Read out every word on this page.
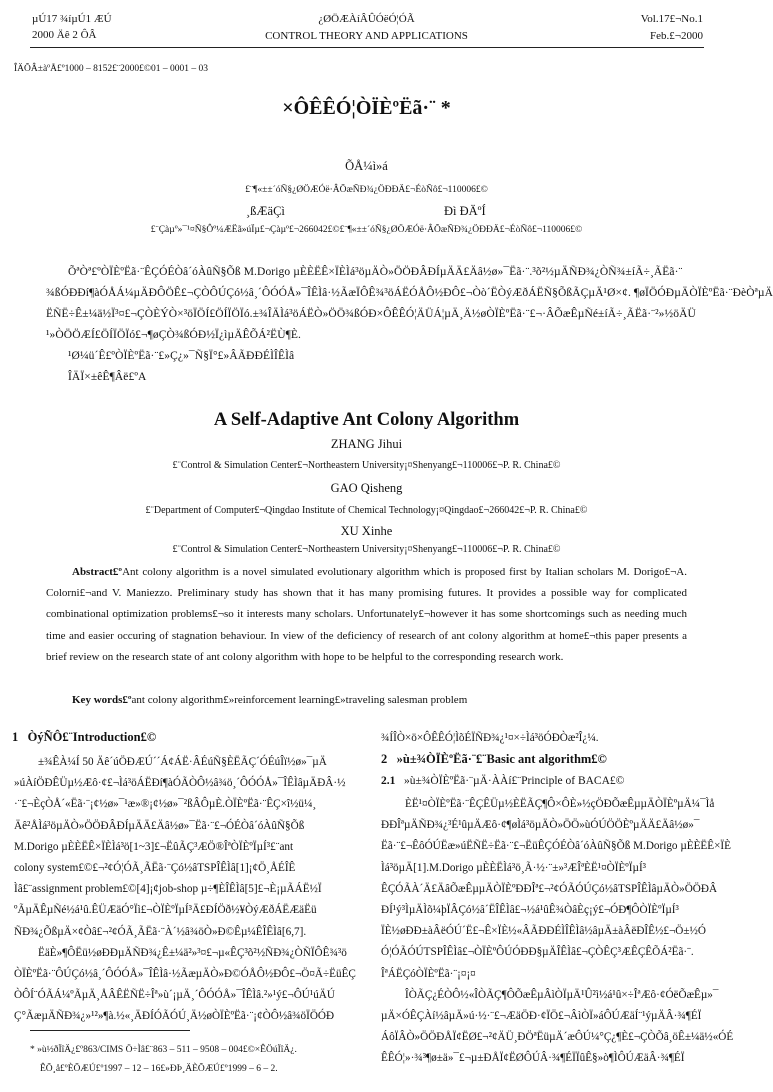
µÚ17 ¾íµÚ1 ÆÚ
2000 Äê 2 ÔÂ
¿ØÖÆÀíÂÛÓëÓ¦ÓÃ
CONTROL THEORY AND APPLICATIONS
Vol.17£¬No.1
Feb.£¬2000
ÎÄÕÂ±àºÅ£º1000 – 8152£¨2000£©01 – 0001 – 03
×ÔÊÊÓ¦ÒÏÈºËã·¨ *
ÕÅ¼ì»á
£¨¶«±±´óÑ§¿ØÖÆÓë·ÂÕæÑÐ¾¿ÖÐÐÄ£¬ÉòÑô£¬110006£©
¸ßÆäÇì	Ðì ÐÄºÍ
£¨Çàµº»¯¹¤Ñ§Ôº¼ÆËã»úÏµ£¬Çàµº£¬266042£©£¨¶«±±´óÑ§¿ØÖÆÓë·ÂÕæÑÐ¾¿ÖÐÐÄ£¬ÉòÑô£¬110006£©
ÕªÒª£ºÒÏÈºËã·¨ÊÇÓÉÒâ´óÀûÑ§Õß M.Dorigo µÈÈËÊ×ÏÈÌá³öµÄÒ»ÖÖÐÂÐÍµÄÄ£Äâ½ø»¯Ëã·¨.³õ²½µÄÑÐ¾¿ÒÑ¾±íÃ÷¸ÃËã·¨
¾ßÓÐÐí¶àÓÅÁ¼µÄÐÔÖÊ£¬ÇÒÔÚÇó½â¸´ÔÓÓÅ»¯ÎÊÌâ·½ÃæÏÔÊ¾³öÁËÓÅÔ½ÐÔ£¬Òò´ËÒýÆðÁËÑ§ÕßÃÇµÄ¹Ø×¢. ¶øÏÖÓÐµÄÒÏÈºËã·¨ÐèÒªµÄ
ËÑË÷Ê±¼ä½Ï³¤£¬ÇÒÈÝÒ×³öÏÖÍ£ÖÍÏÖÏó.±¾ÎÄÌá³öÁËÒ»ÖÖ¾ßÓÐ×ÔÊÊÓ¦ÄÜÁ¦µÄ¸Ä½øÒÏÈºËã·¨£¬·ÂÕæÊµÑé±íÃ÷¸ÃËã·¨²»½öÄÜ
¹»ÒÖÖÆÍ£ÖÍÏÖÏó£¬¶øÇÒ¾ßÓÐ½Ï¿ìµÄÊÕÁ²ËÙ¶È.
¹Ø¼ü´Ê£ºÒÏÈºËã·¨£»Ç¿»¯Ñ§Ï°£»ÂÃÐÐÉÌÎÊÌâ
ÎÄÏ×±êÊ¶Âë£ºA
A Self-Adaptive Ant Colony Algorithm
ZHANG Jihui
£¨Control & Simulation Center£¬Northeastern University¡¤Shenyang£¬110006£¬P. R. China£©
GAO Qisheng
£¨Department of Computer£¬Qingdao Institute of Chemical Technology¡¤Qingdao£¬266042£¬P. R. China£©
XU Xinhe
£¨Control & Simulation Center£¬Northeastern University¡¤Shenyang£¬110006£¬P. R. China£©
Abstract£ºAnt colony algorithm is a novel simulated evolutionary algorithm which is proposed first by Italian scholars M. Dorigo£¬A. Colorni£¬and V. Maniezzo. Preliminary study has shown that it has many promising futures. It provides a possible way for complicated combinational optimization problems£¬so it interests many scholars. Unfortunately£¬however it has some shortcomings such as needing much time and easier occuring of stagnation behaviour. In view of the deficiency of research of ant colony algorithm at home£¬this paper presents a brief review on the research state of ant colony algorithm with hope to be helpful to the corresponding research work.
Key words£ºant colony algorithm£»reinforcement learning£»traveling salesman problem
1 ÒýÑÔ£¨Introduction£©
±¾ÊÀ¼Í 50 Äê´úÖÐÆÚ´´Á¢ÁË·ÂÉúÑ§ÈËÃÇ´ÓÉúÎï½ø»¯µÄ
»úÀíÖÐÊÜµ½Æô·¢£¬Ìá³öÁËÐí¶àÓÃÒÔ½â¾ö¸´ÔÓÓÅ»¯ÎÊÌâµÄÐÂ·½
·¨£¬ÈçÒÅ´«Ëã·¨¡¢½ø»¯¹æ»®¡¢½ø»¯²ßÂÔµÈ.ÒÏÈºËã·¨ÊÇ×î½ü¼¸
Äê²ÅÌá³öµÄÒ»ÖÖÐÂÐÍµÄÄ£Äâ½ø»¯Ëã·¨£¬ÓÉÒâ´óÀûÑ§Õß
M.Dorigo µÈÈËÊ×ÏÈÌá³ö[1~3]£¬ËûÃÇ³ÆÖ®ÎªÒÏÈºÏµÍ³£¨ant
colony system£©£¬²¢Ó¦ÓÃ¸ÃËã·¨Çó½âTSPÎÊÌâ[1]¡¢Ö¸ÅÉÎÊ
Ìâ£¨assignment problem£©[4]¡¢job-shop µ÷¶ÈÎÊÌâ[5]£¬È¡µÃÁË½Ï
ºÃµÄÊµÑé½á¹û.ÊÜÆäÓ°Ïì£¬ÒÏÈºÏµÍ³Ä£ÐÍÖð½¥ÒýÆðÁËÆäËü
ÑÐ¾¿ÕßµÄ×¢Òâ£¬²¢ÓÃ¸ÃËã·¨À´½â¾öÒ»Ð©Êµ¼ÊÎÊÌâ[6,7].
ËäÈ»¶ÔËü½øÐÐµÄÑÐ¾¿Ê±¼ä²»³¤£¬µ«ÊÇ³õ²½ÑÐ¾¿ÒÑÏÔÊ¾³ö
ÒÏÈºËã·¨ÔÚÇó½â¸´ÔÓÓÅ»¯ÎÊÌâ·½ÃæµÄÒ»Ð©ÓÅÔ½ÐÔ£¬Ö¤Ã÷ËüÊÇ
ÒÔÍ¨ÓÃÁ¼ºÃµÄ¸ÅÂÊËÑË÷Îª»ù´¡µÄ¸´ÔÓÓÅ»¯ÎÊÌâ.²»¹ý£¬ÔÚ¹úÄÚ
Ç°ÃæµÄÑÐ¾¿»¹²»¶à.½«¸ÄÐÍÓÃÓÚ¸Ä½øÒÏÈºËã·¨¡¢ÒÔ½â¾öÏÖÓÐ
* »ù½ðÏîÄ¿£º863/CIMS Ö÷Ìâ£¨863 – 511 – 9508 – 004£©×ÊÖúÏîÄ¿.
ÊÕ¸å£ºÈÕÆÚ£º1997 – 12 – 16£»ÐÞ¸ÄÈÕÆÚ£º1999 – 6 – 2.
¾ÍÎÒ×ö×ÔÊÊÓ¦ÌõÉÏÑÐ¾¿¹¤×÷Ìá³öÓÐÒæ²Î¿¼.
2 »ù±¾ÒÏÈºËã·¨£¨Basic ant algorithm£©
2.1 »ù±¾ÒÏÈºËã·¨µÄ·ÀÀí£¨Principle of BACA£©
ÈË¹¤ÒÏÈºËã·¨ÊÇÊÜµ½ÈËÃÇ¶Ô×ÔÈ»½çÖÐÕæÊµµÄÒÏÈºµÄ¼¯Ìå
ÐÐÎªµÄÑÐ¾¿³É¹ûµÄÆô·¢¶øÌá³öµÄÒ»ÖÖ»ùÓÚÖÖÈºµÄÄ£Äâ½ø»¯
Ëã·¨£¬ÊôÓÚËæ»úËÑË÷Ëã·¨£¬ËüÊÇÓÉÒâ´óÀûÑ§Õß M.Dorigo µÈÈËÊ×ÏÈ
Ìá³öµÄ[1].M.Dorigo µÈÈËÌá³ö¸Ã·½·¨±»³ÆÎªÈË¹¤ÒÏÈºÏµÍ³
ÊÇÓÃÀ´Ä£ÄâÕæÊµµÄÒÏÈºÐÐÎª£¬²¢ÓÃÓÚÇó½âTSPÎÊÌâµÄÒ»ÖÖÐÂ
ÐÍ¹ý³ÌµÄÌõ¼þÏÂÇó½â´ËÎÊÌâ£¬½á¹ûÊ¾ÒâÈç¡ý£¬ÓÐ¶ÔÒÏÈºÏµÍ³
ÏÈ½øÐÐ±àÂëÓÚ´Ë£¬Ê×ÏÈ½«ÂÃÐÐÉÌÎÊÌâ½âµÄ±àÂëÐÎÊ½£¬Ö±½Ó
Ó¦ÓÃÓÚTSPÎÊÌâ£¬ÒÏÈºÔÚÓÐÐ§µÄÎÊÌâ£¬ÇÒÊÇ³ÆÊÇÊÕÁ²Ëã·¨.
ÎªÁËÇóÒÏÈºËã·¨¡¤¡¤
ÎÒÃÇ¿ÉÒÔ½«ÎÒÃÇ¶ÔÕæÊµÂìÒÏµÄ¹Û²ì½á¹û×÷ÎªÆô·¢ÓëÕæÊµ»¯
µÄ×ÓÊÇÀí½âµÄ»ú·½·¨£¬ÆäÖÐ·¢ÏÖ£¬ÂìÒÏ»áÔÚÆäÍ¨¹ýµÄÂ·¾¶ÉÏ
ÁôÏÂÒ»ÖÖÐÅÏ¢ËØ£¬²¢ÄÜ¸ÐÖªËüµÄ´æÔÚ¼°Ç¿¶È£¬ÇÒÕâ¸öÊ±¼ä½«ÓÉ
ÊÊÓ¦»·¾³¶ø±ä»¯£¬µ±ÐÅÏ¢ËØÔÚÂ·¾¶ÉÏÏûÊ§»ò¶ÌÔÚÆäÂ·¾¶ÉÏ
